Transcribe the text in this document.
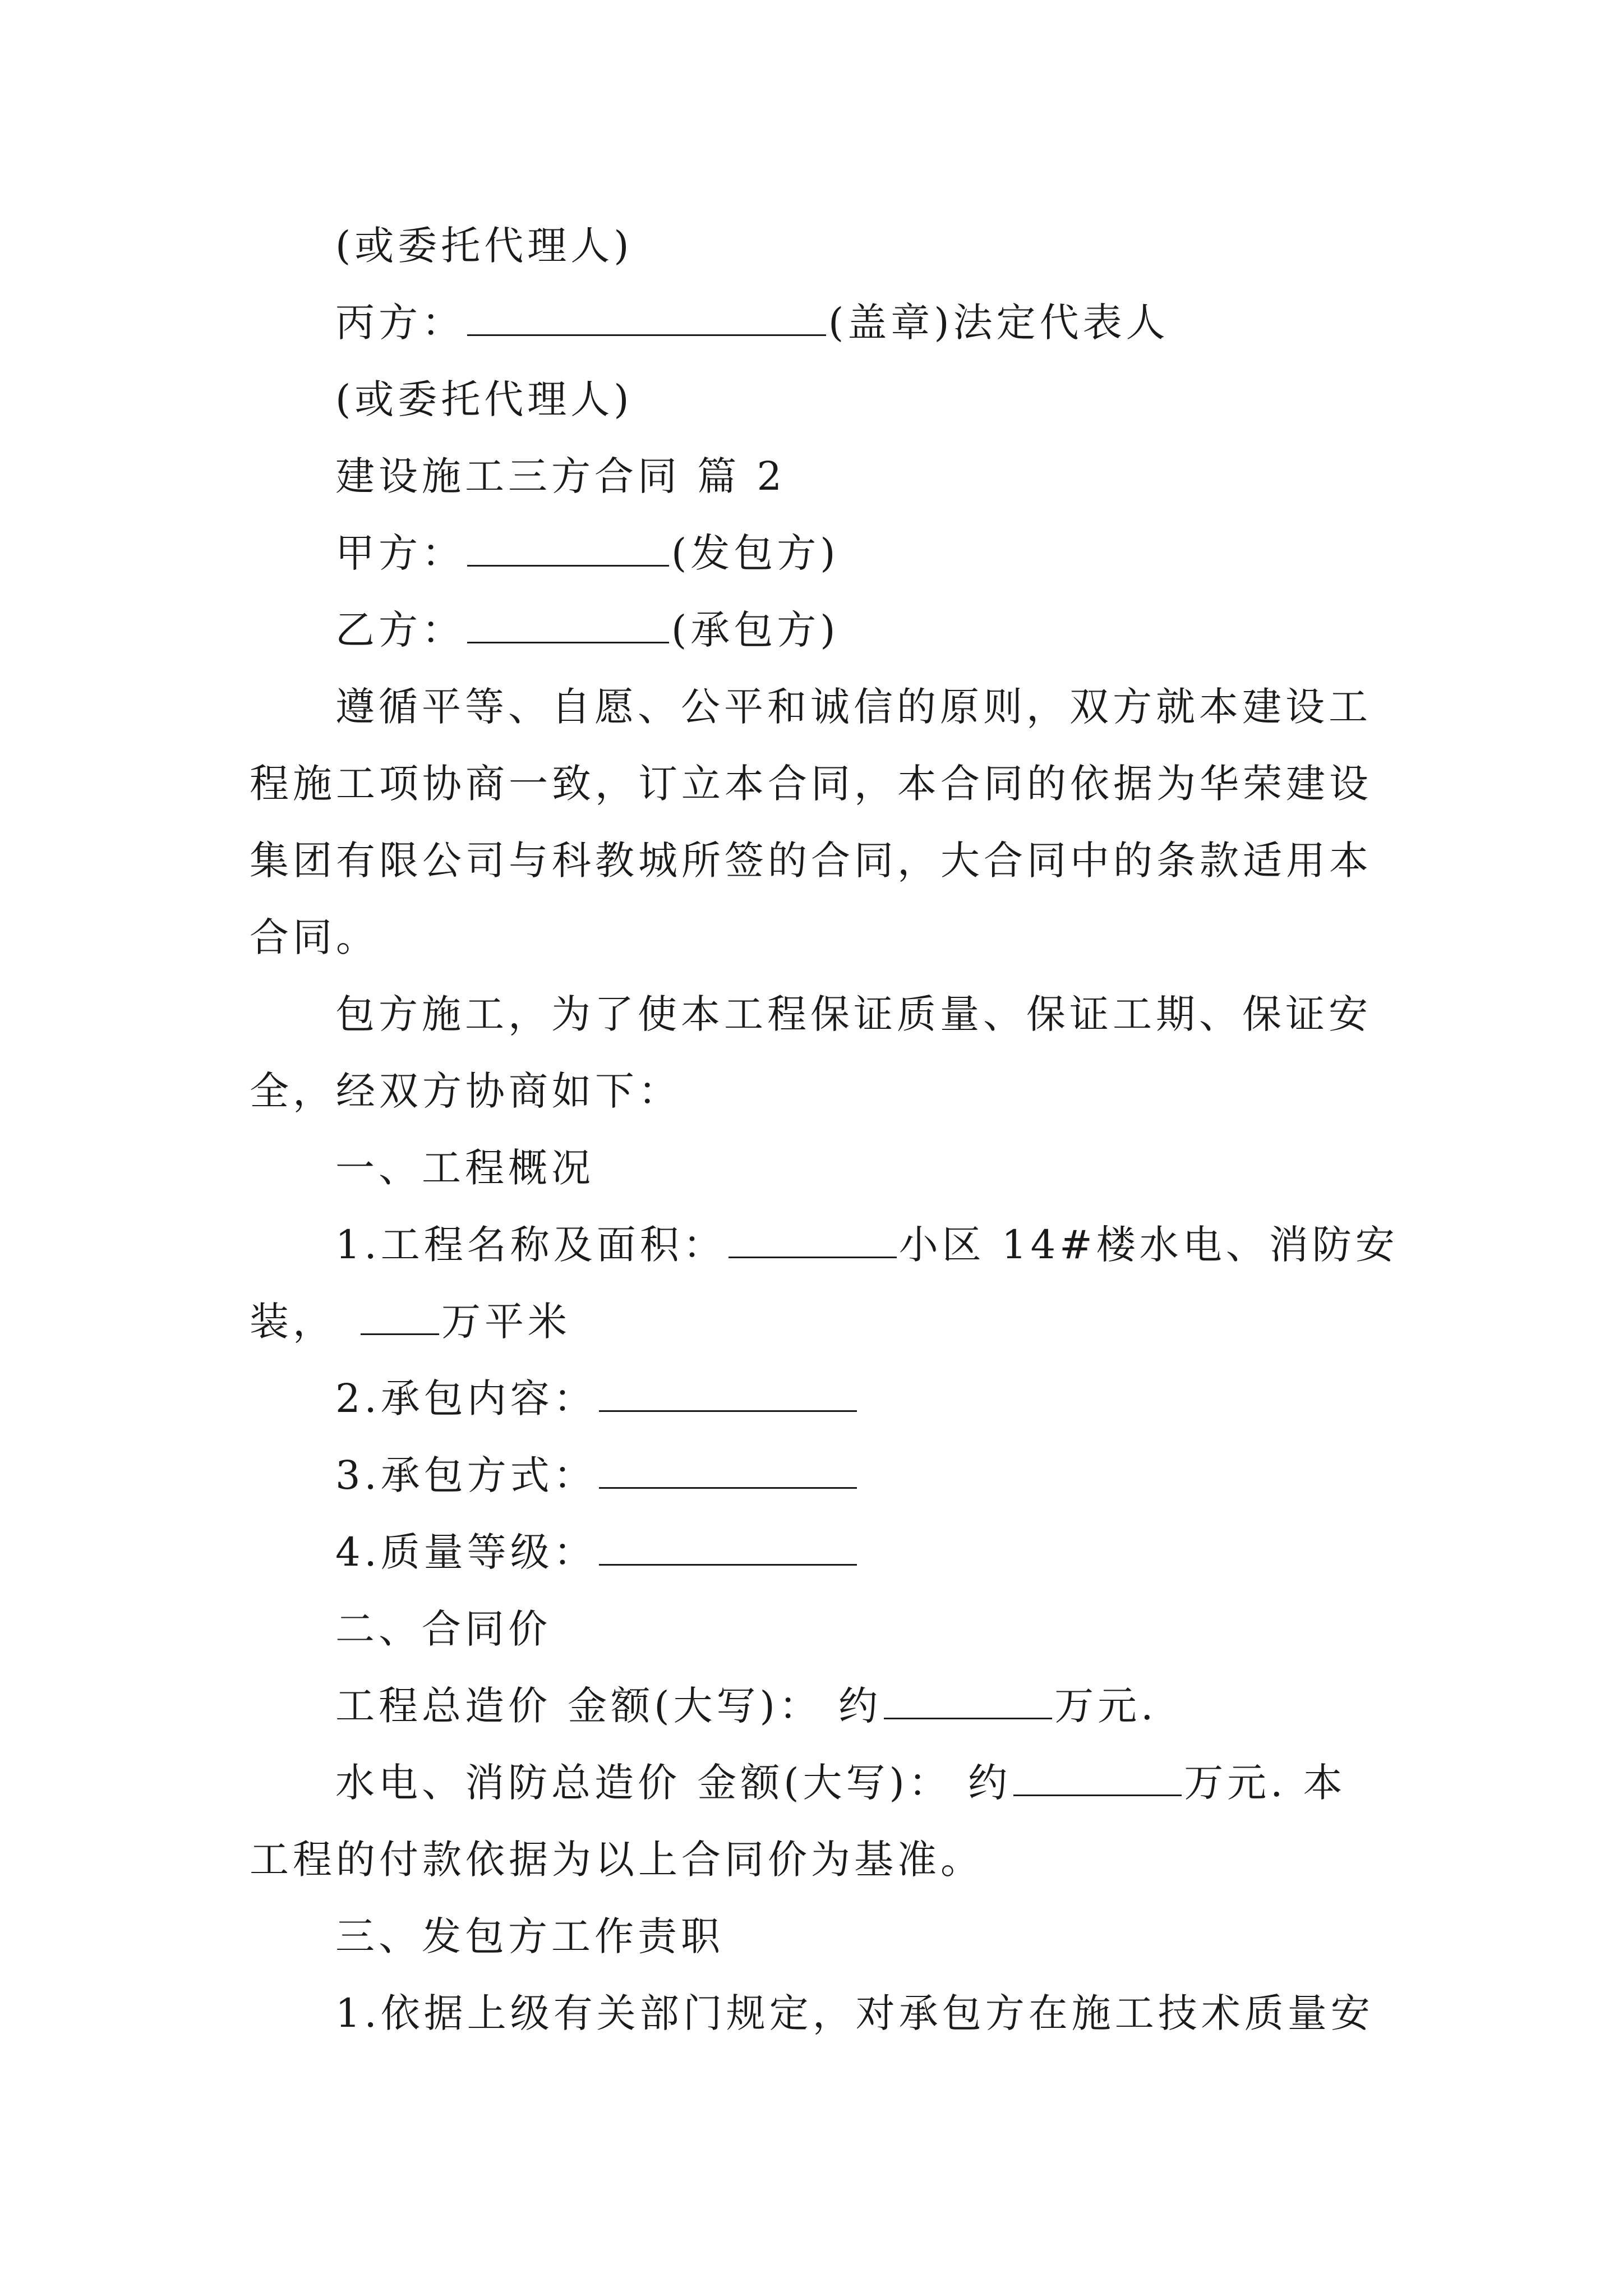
(或委托代理人)
丙方：	(盖章)法定代表人
(或委托代理人)
建设施工三方合同 篇 2
甲方：	(发包方)
乙方：	(承包方)
遵循平等、自愿、公平和诚信的原则，双方就本建设工
程施工项协商一致，订立本合同，本合同的依据为华荣建设
集团有限公司与科教城所签的合同，大合同中的条款适用本
合同。
包方施工，为了使本工程保证质量、保证工期、保证安
全，经双方协商如下：
一、工程概况
1.工程名称及面积：	小区 14#楼水电、消防安
装，	万平米
2.承包内容：
3.承包方式：
4.质量等级：
二、合同价
工程总造价 金额(大写)： 约	万元.
水电、消防总造价 金额(大写)： 约	万元. 本
工程的付款依据为以上合同价为基准。
三、发包方工作责职
1.依据上级有关部门规定，对承包方在施工技术质量安
